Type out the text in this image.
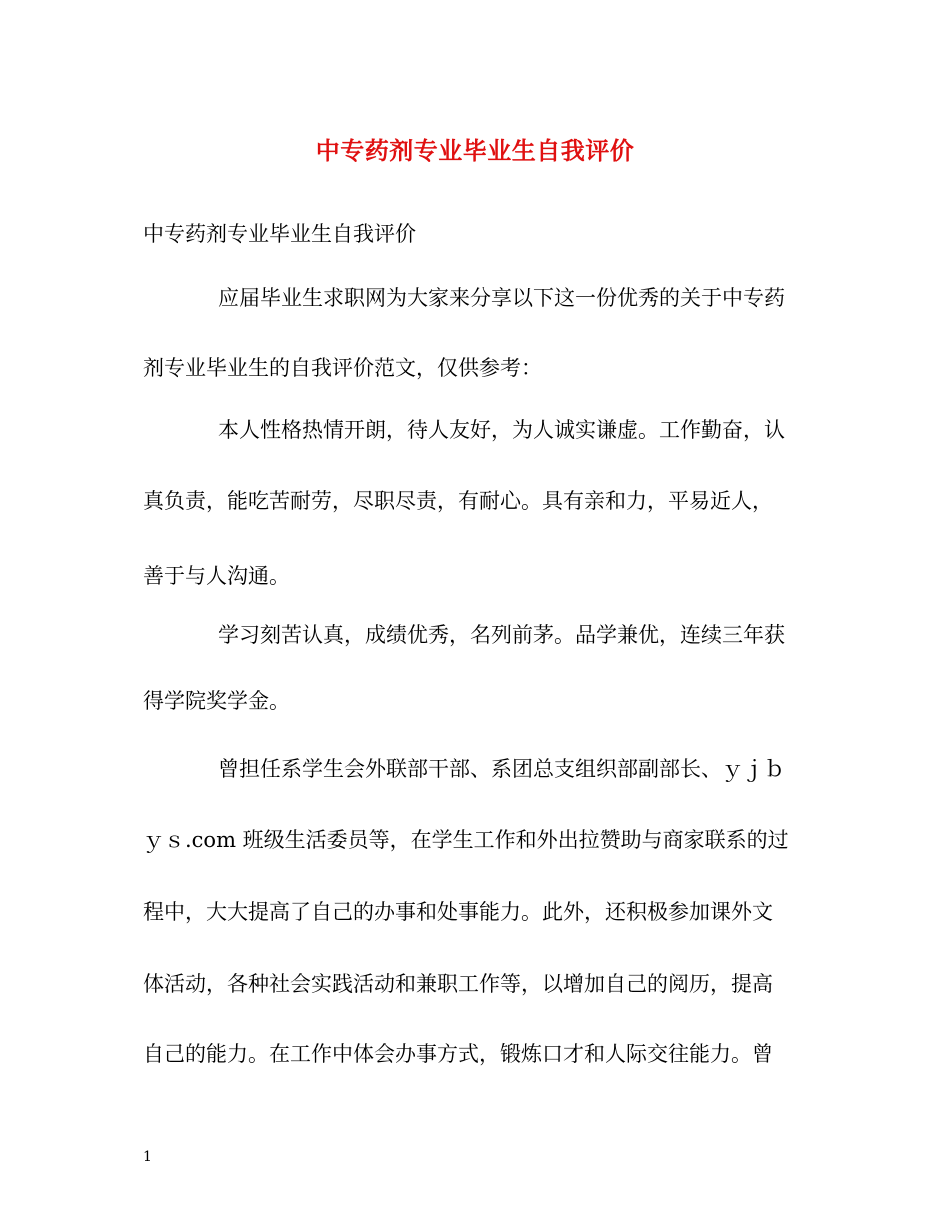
中专药剂专业毕业生自我评价
中专药剂专业毕业生自我评价
应届毕业生求职网为大家来分享以下这一份优秀的关于中专药
剂专业毕业生的自我评价范文，仅供参考：
本人性格热情开朗，待人友好，为人诚实谦虚。工作勤奋，认
真负责，能吃苦耐劳，尽职尽责，有耐心。具有亲和力，平易近人，
善于与人沟通。
学习刻苦认真，成绩优秀，名列前茅。品学兼优，连续三年获
得学院奖学金。
曾担任系学生会外联部干部、系团总支组织部副部长、ｙｊｂ
ｙｓ.com 班级生活委员等，在学生工作和外出拉赞助与商家联系的过
程中，大大提高了自己的办事和处事能力。此外，还积极参加课外文
体活动，各种社会实践活动和兼职工作等，以增加自己的阅历，提高
自己的能力。在工作中体会办事方式，锻炼口才和人际交往能力。曾
1
